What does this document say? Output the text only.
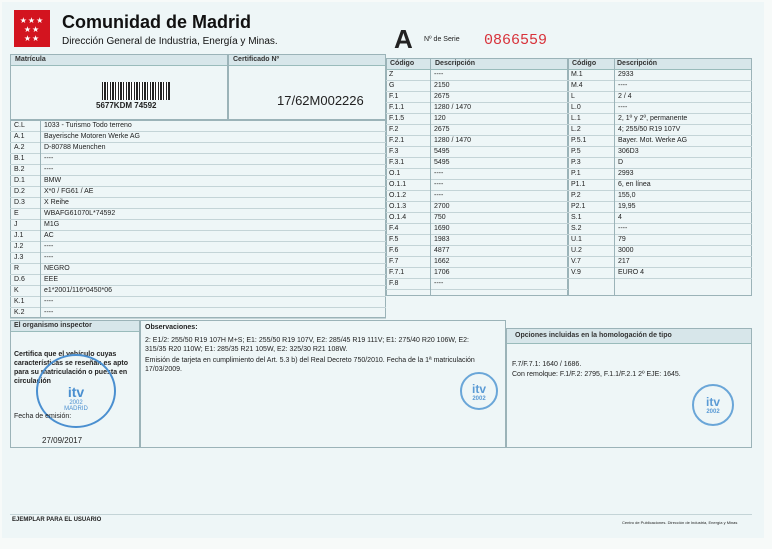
★★★
★★
★★
Comunidad de Madrid
Dirección General de Industria, Energía y Minas.	A Nº de Serie 0866559
Matrícula
5677KDM 74592
Certificado Nº
17/62M002226
C.L	1033 - Turismo Todo terreno
A.1	Bayerische Motoren Werke AG
A.2	D-80788 Muenchen
B.1	----
B.2	----
D.1	BMW
D.2	X*0 / FG61 / AE
D.3	X Reihe
E	WBAFG61070L*74592
J	M1G
J.1	AC
J.2	----
J.3	----
R	NEGRO
D.6	EEE
K	e1*2001/116*0450*06
K.1	----
K.2	----
Código	Descripción
Z	----
G	2150
F.1	2675
F.1.1	1280 / 1470
F.1.5	120
F.2	2675
F.2.1	1280 / 1470
F.3	5495
F.3.1	5495
O.1	----
O.1.1	----
O.1.2	----
O.1.3	2700
O.1.4	750
F.4	1690
F.5	1983
F.6	4877
F.7	1662
F.7.1	1706
F.8	----
Código	Descripción
M.1	2933
M.4	----
L	2 / 4
L.0	----
L.1	2, 1º y 2º, permanente
L.2	4; 255/50 R19 107V
P.5.1	Bayer. Mot. Werke AG
P.5	306D3
P.3	D
P.1	2993
P1.1	6, en línea
P.2	155,0
P2.1	19,95
S.1	4
S.2	----
U.1	79
U.2	3000
V.7	217
V.9	EURO 4
El organismo inspector
Certifica que el vehículo cuyas características se reseñan es apto para su matriculación o puesta en circulación
itv
2002
MADRID
Fecha de emisión:
27/09/2017
Observaciones:
2: E1/2: 255/50 R19 107H M+S; E1: 255/50 R19 107V, E2: 285/45 R19 111V; E1: 275/40 R20 106W, E2:
315/35 R20 110W; E1: 285/35 R21 105W, E2: 325/30 R21 108W.
Emisión de tarjeta en cumplimiento del Art. 5.3 b) del Real Decreto 750/2010. Fecha de la 1ª matriculación
17/03/2009.
itv
2002
Opciones incluidas en la homologación de tipo
F.7/F.7.1: 1640 / 1686.
Con remolque: F.1/F.2: 2795, F.1.1/F.2.1 2º EJE: 1645.
itv
2002
EJEMPLAR PARA EL USUARIO	Centro de Publicaciones. Dirección de Industria, Energía y Minas
